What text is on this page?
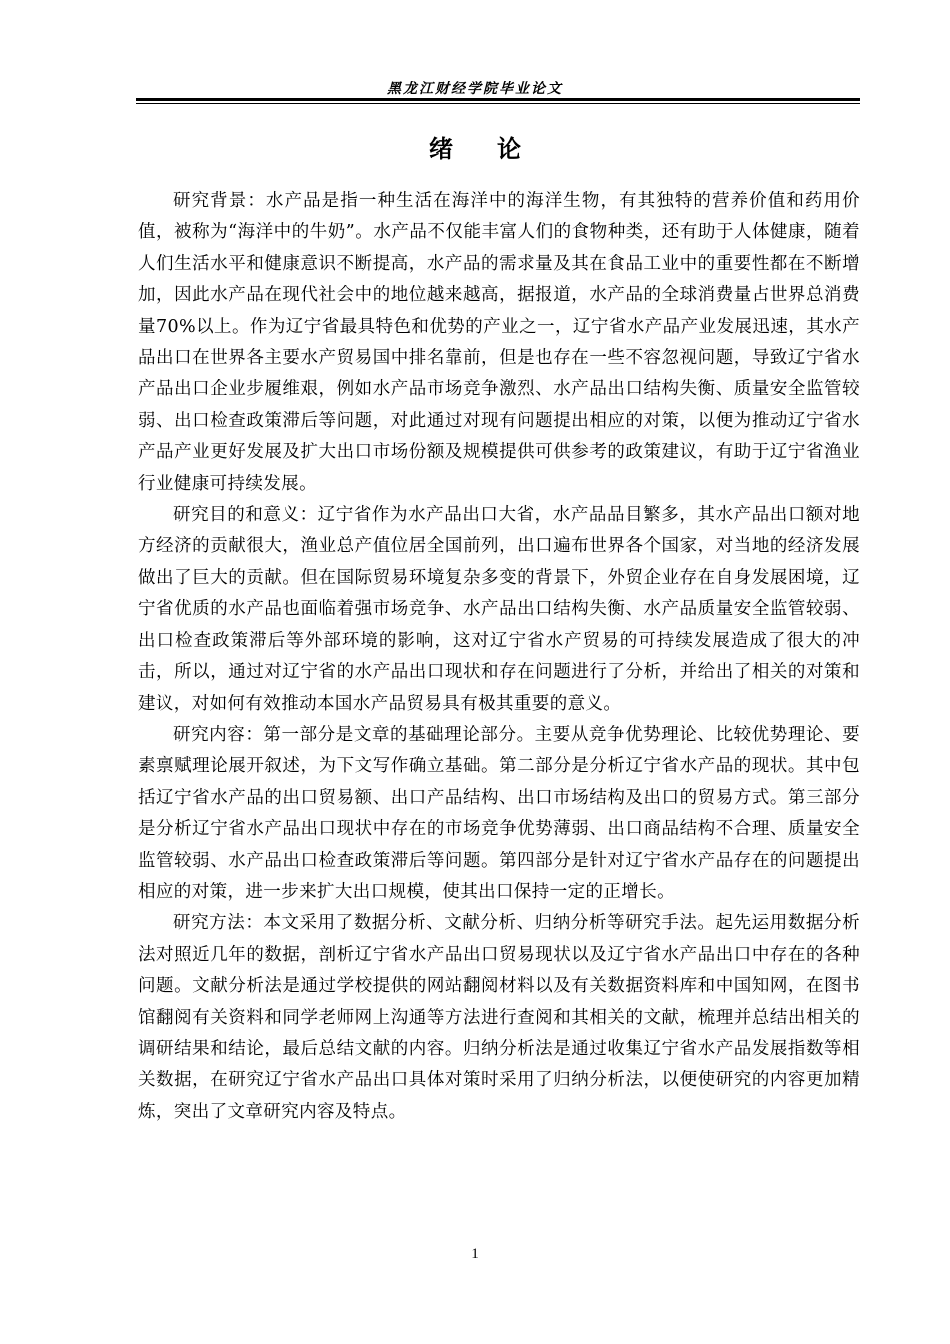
黑龙江财经学院毕业论文
绪论

研究背景：水产品是指一种生活在海洋中的海洋生物，有其独特的营养价值和药用价值，被称为“海洋中的牛奶”。水产品不仅能丰富人们的食物种类，还有助于人体健康，随着人们生活水平和健康意识不断提高，水产品的需求量及其在食品工业中的重要性都在不断增加，因此水产品在现代社会中的地位越来越高，据报道，水产品的全球消费量占世界总消费量70%以上。作为辽宁省最具特色和优势的产业之一，辽宁省水产品产业发展迅速，其水产品出口在世界各主要水产贸易国中排名靠前，但是也存在一些不容忽视问题，导致辽宁省水产品出口企业步履维艰，例如水产品市场竞争激烈、水产品出口结构失衡、质量安全监管较弱、出口检查政策滞后等问题，对此通过对现有问题提出相应的对策，以便为推动辽宁省水产品产业更好发展及扩大出口市场份额及规模提供可供参考的政策建议，有助于辽宁省渔业行业健康可持续发展。

研究目的和意义：辽宁省作为水产品出口大省，水产品品目繁多，其水产品出口额对地方经济的贡献很大，渔业总产值位居全国前列，出口遍布世界各个国家，对当地的经济发展做出了巨大的贡献。但在国际贸易环境复杂多变的背景下，外贸企业存在自身发展困境，辽宁省优质的水产品也面临着强市场竞争、水产品出口结构失衡、水产品质量安全监管较弱、出口检查政策滞后等外部环境的影响，这对辽宁省水产贸易的可持续发展造成了很大的冲击，所以，通过对辽宁省的水产品出口现状和存在问题进行了分析，并给出了相关的对策和建议，对如何有效推动本国水产品贸易具有极其重要的意义。

研究内容：第一部分是文章的基础理论部分。主要从竞争优势理论、比较优势理论、要素禀赋理论展开叙述，为下文写作确立基础。第二部分是分析辽宁省水产品的现状。其中包括辽宁省水产品的出口贸易额、出口产品结构、出口市场结构及出口的贸易方式。第三部分是分析辽宁省水产品出口现状中存在的市场竞争优势薄弱、出口商品结构不合理、质量安全监管较弱、水产品出口检查政策滞后等问题。第四部分是针对辽宁省水产品存在的问题提出相应的对策，进一步来扩大出口规模，使其出口保持一定的正增长。

研究方法：本文采用了数据分析、文献分析、归纳分析等研究手法。起先运用数据分析法对照近几年的数据，剖析辽宁省水产品出口贸易现状以及辽宁省水产品出口中存在的各种问题。文献分析法是通过学校提供的网站翻阅材料以及有关数据资料库和中国知网，在图书馆翻阅有关资料和同学老师网上沟通等方法进行查阅和其相关的文献，梳理并总结出相关的调研结果和结论，最后总结文献的内容。归纳分析法是通过收集辽宁省水产品发展指数等相关数据，在研究辽宁省水产品出口具体对策时采用了归纳分析法，以便使研究的内容更加精炼，突出了文章研究内容及特点。

1
